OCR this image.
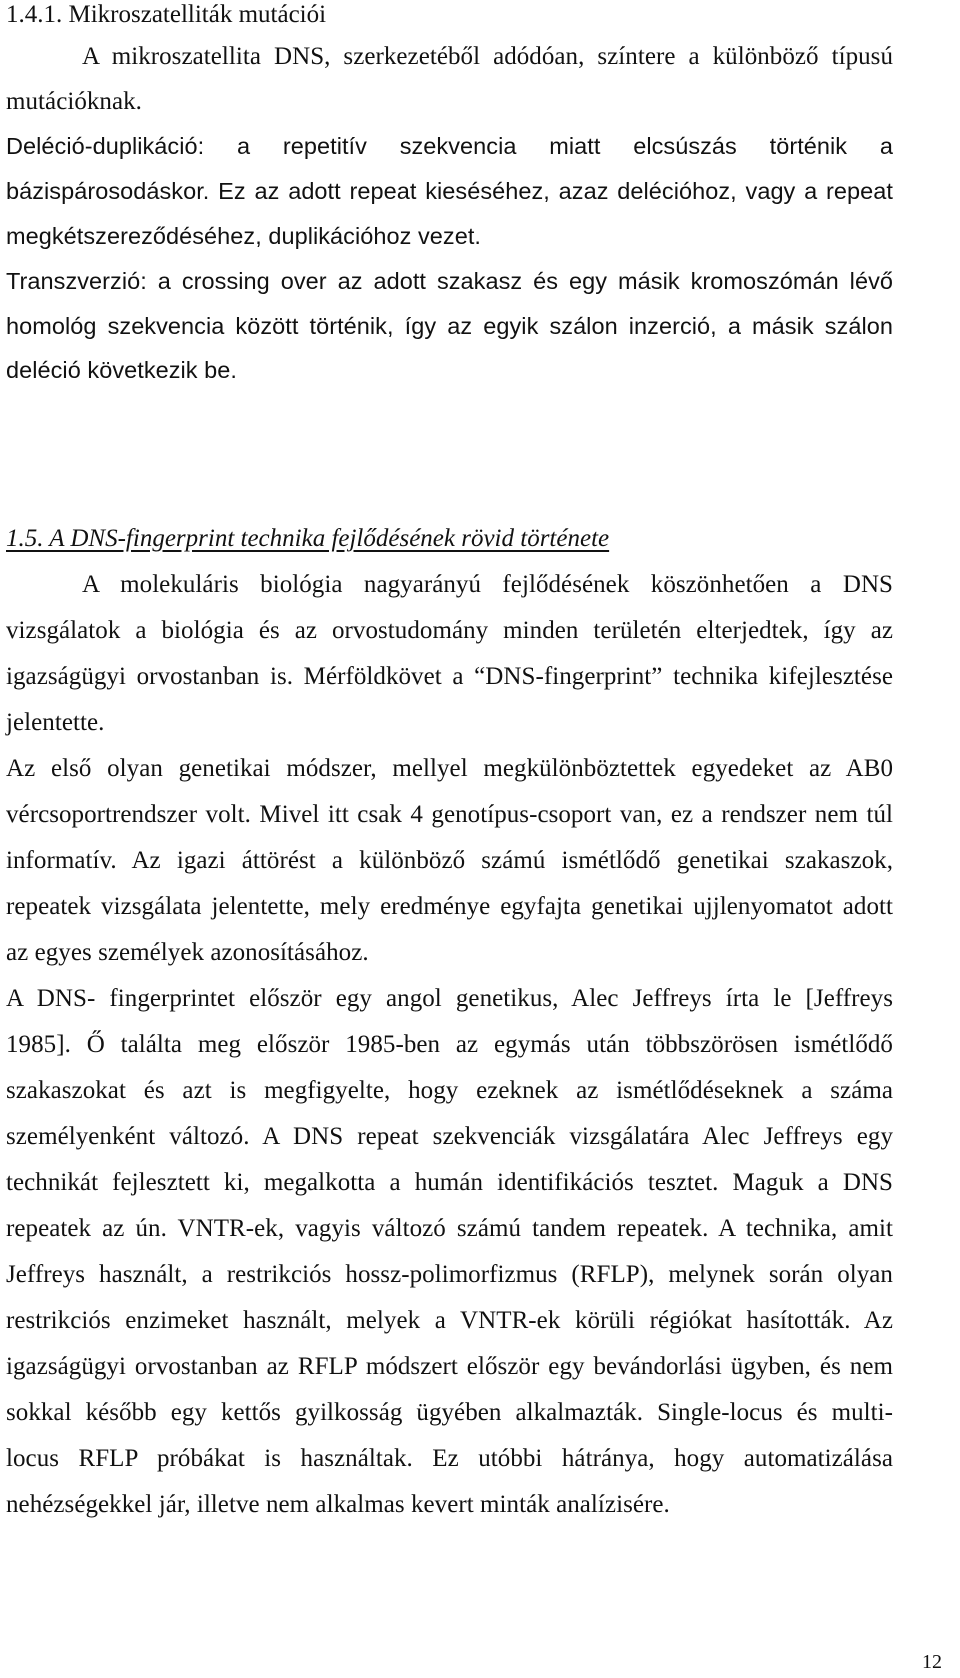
1.4.1. Mikroszatelliták mutációi
A mikroszatellita DNS, szerkezetéből adódóan, színtere a különböző típusú
mutációknak.
Deléció-duplikáció: a repetitív szekvencia miatt elcsúszás történik a
bázispárosodáskor. Ez az adott repeat kieséséhez, azaz delécióhoz, vagy a repeat
megkétszereződéséhez, duplikációhoz vezet.
Transzverzió: a crossing over az adott szakasz és egy másik kromoszómán lévő
homológ szekvencia között történik, így az egyik szálon inzerció, a másik szálon
deléció következik be.
1.5. A DNS-fingerprint technika fejlődésének rövid története
A molekuláris biológia nagyarányú fejlődésének köszönhetően a DNS
vizsgálatok a biológia és az orvostudomány minden területén elterjedtek, így az
igazságügyi orvostanban is. Mérföldkövet a “DNS-fingerprint” technika kifejlesztése
jelentette.
Az első olyan genetikai módszer, mellyel megkülönböztettek egyedeket az AB0
vércsoportrendszer volt. Mivel itt csak 4 genotípus-csoport van, ez a rendszer nem túl
informatív. Az igazi áttörést a különböző számú ismétlődő genetikai szakaszok,
repeatek vizsgálata jelentette, mely eredménye egyfajta genetikai ujjlenyomatot adott
az egyes személyek azonosításához.
A DNS- fingerprintet először egy angol genetikus, Alec Jeffreys írta le [Jeffreys
1985]. Ő találta meg először 1985-ben az egymás után többszörösen ismétlődő
szakaszokat és azt is megfigyelte, hogy ezeknek az ismétlődéseknek a száma
személyenként változó. A DNS repeat szekvenciák vizsgálatára Alec Jeffreys egy
technikát fejlesztett ki, megalkotta a humán identifikációs tesztet. Maguk a DNS
repeatek az ún. VNTR-ek, vagyis változó számú tandem repeatek. A technika, amit
Jeffreys használt, a restrikciós hossz-polimorfizmus (RFLP), melynek során olyan
restrikciós enzimeket használt, melyek a VNTR-ek körüli régiókat hasították. Az
igazságügyi orvostanban az RFLP módszert először egy bevándorlási ügyben, és nem
sokkal később egy kettős gyilkosság ügyében alkalmazták. Single-locus és multi-
locus RFLP próbákat is használtak. Ez utóbbi hátránya, hogy automatizálása
nehézségekkel jár, illetve nem alkalmas kevert minták analízisére.
12
